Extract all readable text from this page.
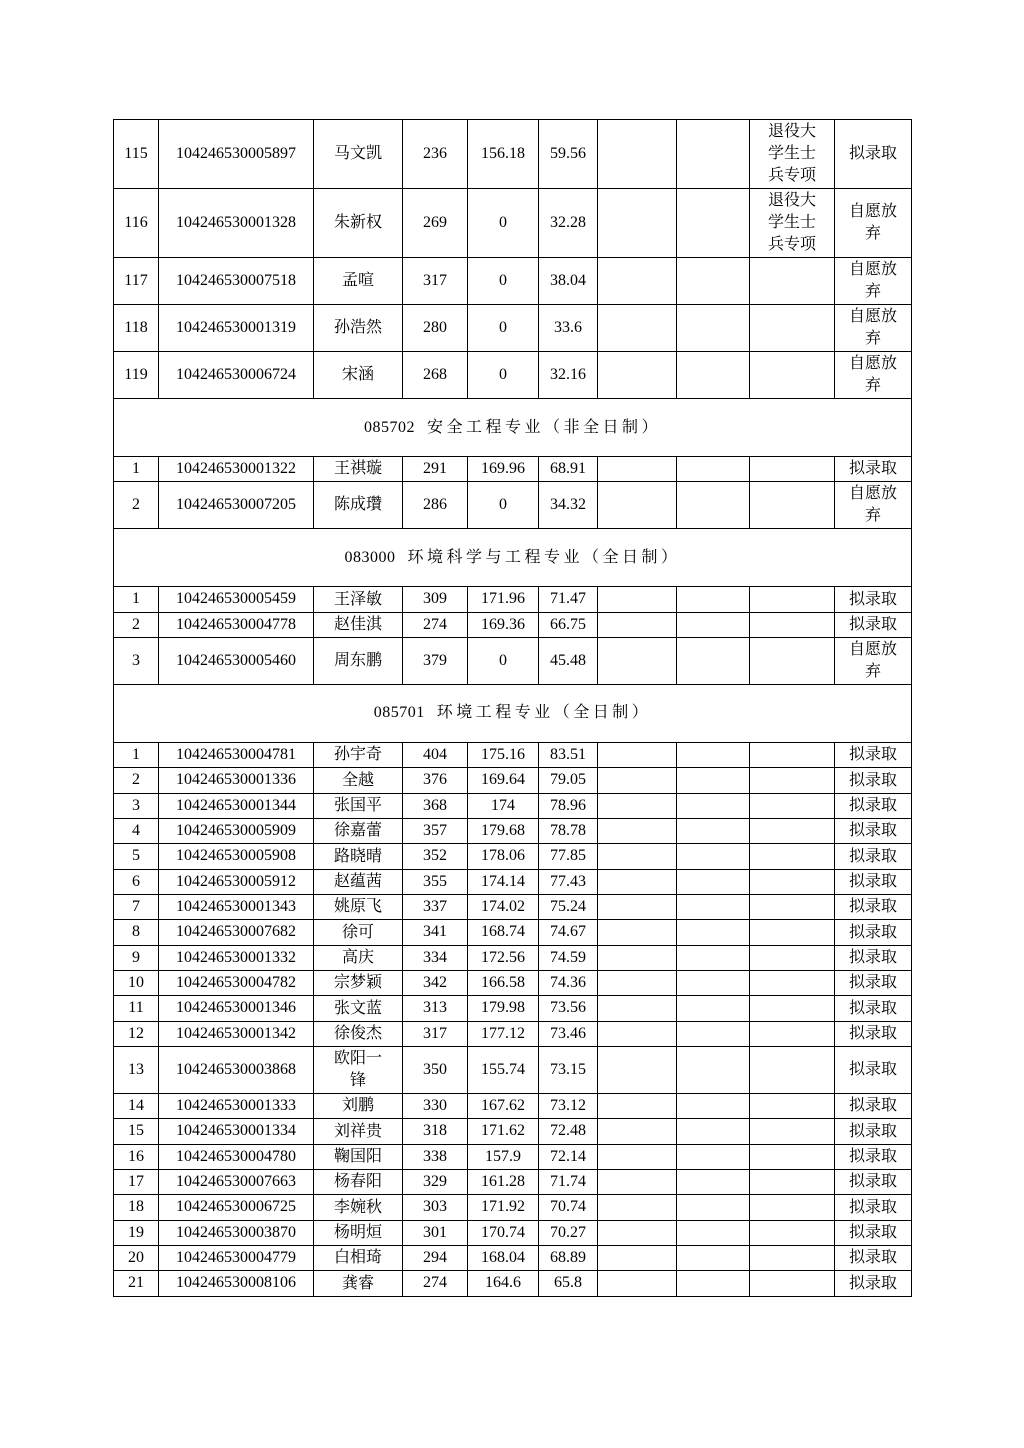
115	104246530005897	马文凯	236	156.18	59.56			退役大学生士兵专项	拟录取
116	104246530001328	朱新权	269	0	32.28			退役大学生士兵专项	自愿放弃
117	104246530007518	孟喧	317	0	38.04				自愿放弃
118	104246530001319	孙浩然	280	0	33.6				自愿放弃
119	104246530006724	宋涵	268	0	32.16				自愿放弃
085702 安全工程专业（非全日制）									
1	104246530001322	王祺璇	291	169.96	68.91				拟录取
2	104246530007205	陈成瓚	286	0	34.32				自愿放弃
083000 环境科学与工程专业（全日制）									
1	104246530005459	王泽敏	309	171.96	71.47				拟录取
2	104246530004778	赵佳淇	274	169.36	66.75				拟录取
3	104246530005460	周东鹏	379	0	45.48				自愿放弃
085701 环境工程专业（全日制）									
1	104246530004781	孙宇奇	404	175.16	83.51				拟录取
2	104246530001336	全越	376	169.64	79.05				拟录取
3	104246530001344	张国平	368	174	78.96				拟录取
4	104246530005909	徐嘉蕾	357	179.68	78.78				拟录取
5	104246530005908	路晓晴	352	178.06	77.85				拟录取
6	104246530005912	赵蕴茜	355	174.14	77.43				拟录取
7	104246530001343	姚原飞	337	174.02	75.24				拟录取
8	104246530007682	徐可	341	168.74	74.67				拟录取
9	104246530001332	高庆	334	172.56	74.59				拟录取
10	104246530004782	宗梦颖	342	166.58	74.36				拟录取
11	104246530001346	张文蓝	313	179.98	73.56				拟录取
12	104246530001342	徐俊杰	317	177.12	73.46				拟录取
13	104246530003868	欧阳一锋	350	155.74	73.15				拟录取
14	104246530001333	刘鹏	330	167.62	73.12				拟录取
15	104246530001334	刘祥贵	318	171.62	72.48				拟录取
16	104246530004780	鞠国阳	338	157.9	72.14				拟录取
17	104246530007663	杨春阳	329	161.28	71.74				拟录取
18	104246530006725	李婉秋	303	171.92	70.74				拟录取
19	104246530003870	杨明烜	301	170.74	70.27				拟录取
20	104246530004779	白相琦	294	168.04	68.89				拟录取
21	104246530008106	龚睿	274	164.6	65.8				拟录取
